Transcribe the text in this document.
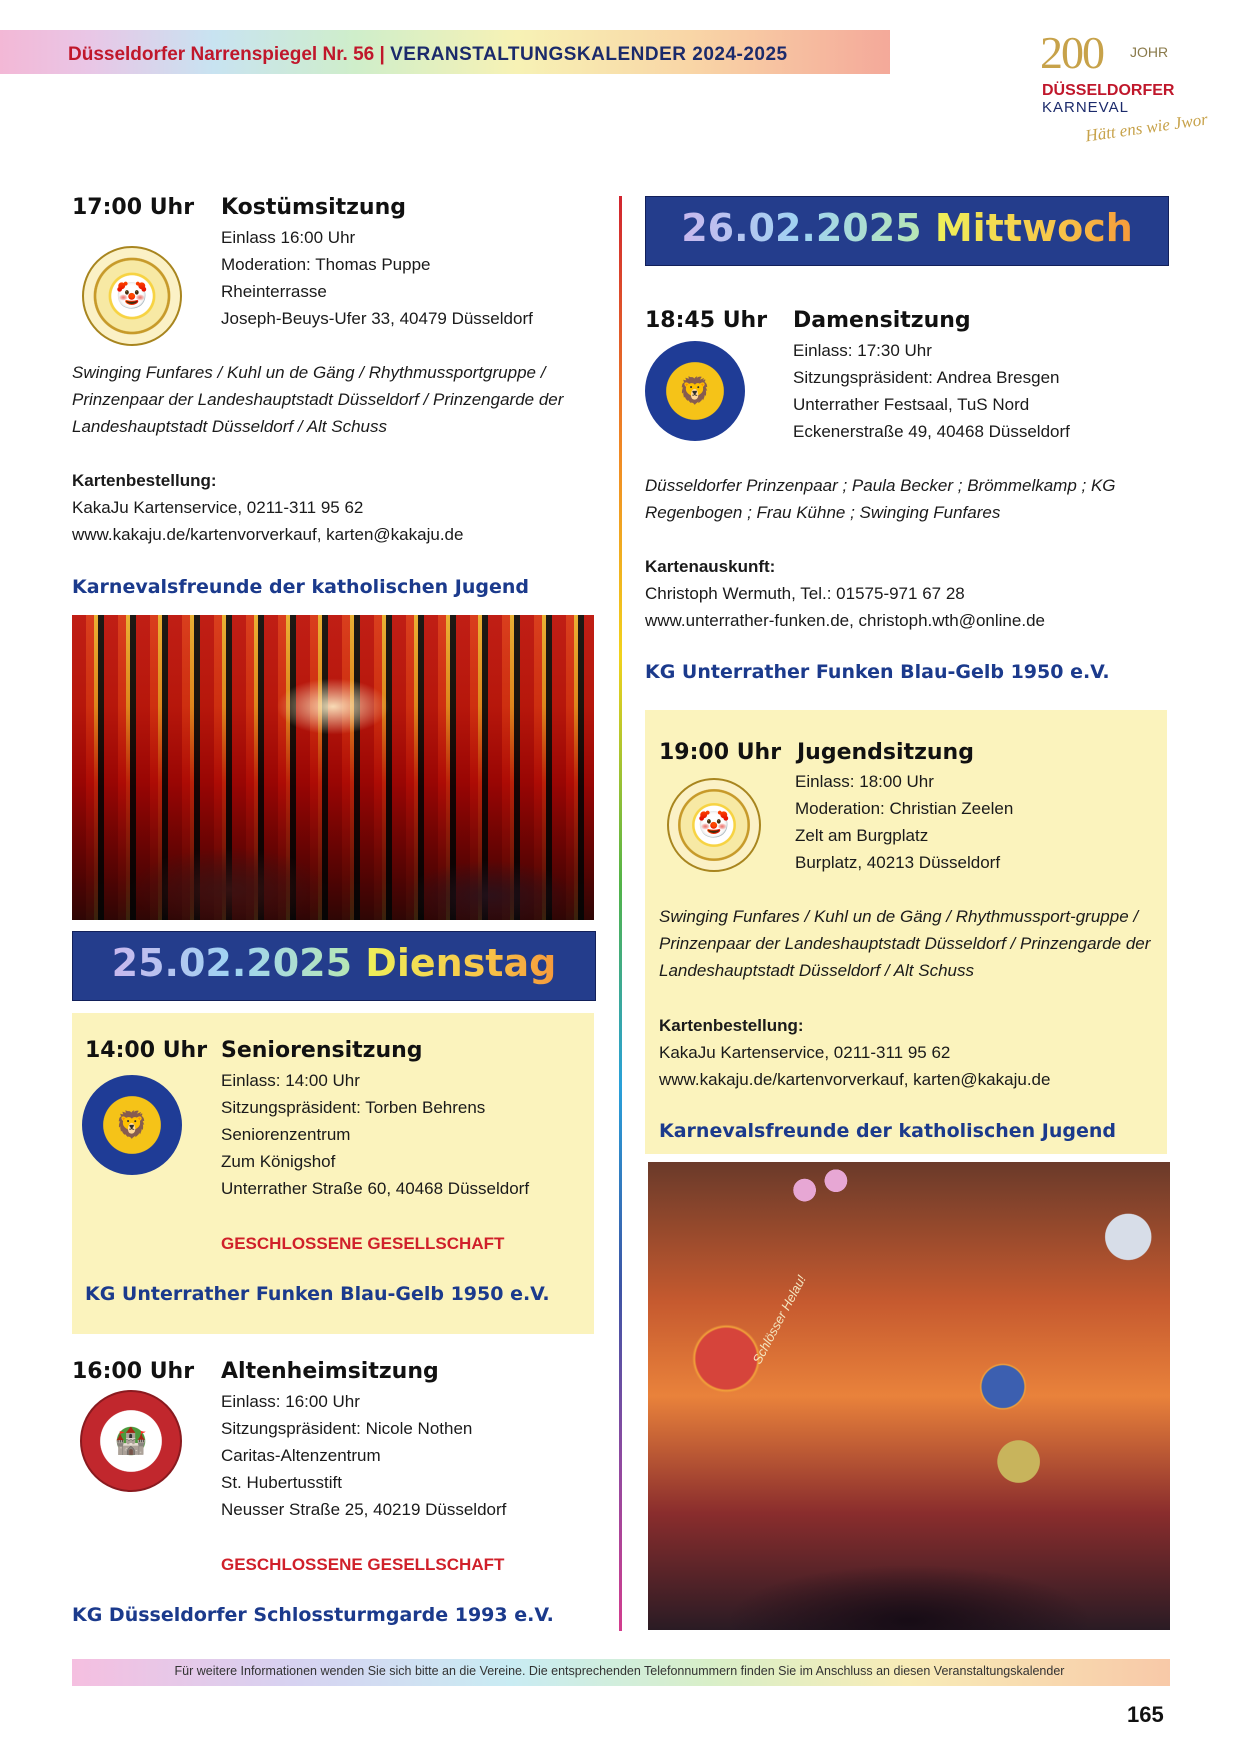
Düsseldorfer Narrenspiegel Nr. 56 | VERANSTALTUNGSKALENDER 2024-2025	200 JOHR
DÜSSELDORFER
KARNEVAL
Hätt ens wie Jwor
17:00 Uhr Kostümsitzung
🤡
Einlass 16:00 Uhr
Moderation: Thomas Puppe
Rheinterrasse
Joseph-Beuys-Ufer 33, 40479 Düsseldorf
Swinging Funfares / Kuhl un de Gäng / Rhythmussportgruppe / Prinzenpaar der Landeshauptstadt Düsseldorf / Prinzengarde der Landeshauptstadt Düsseldorf / Alt Schuss
Kartenbestellung:
KakaJu Kartenservice, 0211-311 95 62
www.kakaju.de/kartenvorverkauf, karten@kakaju.de
Karnevalsfreunde der katholischen Jugend
25.02.2025 Dienstag
14:00 Uhr Seniorensitzung
🦁
Einlass: 14:00 Uhr
Sitzungspräsident: Torben Behrens
Seniorenzentrum
Zum Königshof
Unterrather Straße 60, 40468 Düsseldorf
GESCHLOSSENE GESELLSCHAFT
KG Unterrather Funken Blau-Gelb 1950 e.V.
16:00 Uhr Altenheimsitzung
🏰
Einlass: 16:00 Uhr
Sitzungspräsident: Nicole Nothen
Caritas-Altenzentrum
St. Hubertusstift
Neusser Straße 25, 40219 Düsseldorf
GESCHLOSSENE GESELLSCHAFT
KG Düsseldorfer Schlossturmgarde 1993 e.V.
26.02.2025 Mittwoch
18:45 Uhr Damensitzung
🦁
Einlass: 17:30 Uhr
Sitzungspräsident: Andrea Bresgen
Unterrather Festsaal, TuS Nord
Eckenerstraße 49, 40468 Düsseldorf
Düsseldorfer Prinzenpaar ; Paula Becker ; Brömmelkamp ; KG Regenbogen ; Frau Kühne ; Swinging Funfares
Kartenauskunft:
Christoph Wermuth, Tel.: 01575-971 67 28
www.unterrather-funken.de, christoph.wth@online.de
KG Unterrather Funken Blau-Gelb 1950 e.V.
19:00 Uhr Jugendsitzung
🤡
Einlass: 18:00 Uhr
Moderation: Christian Zeelen
Zelt am Burgplatz
Burplatz, 40213 Düsseldorf
Swinging Funfares / Kuhl un de Gäng / Rhythmussport-gruppe / Prinzenpaar der Landeshauptstadt Düsseldorf / Prinzengarde der Landeshauptstadt Düsseldorf / Alt Schuss
Kartenbestellung:
KakaJu Kartenservice, 0211-311 95 62
www.kakaju.de/kartenvorverkauf, karten@kakaju.de
Karnevalsfreunde der katholischen Jugend
Schlösser Helau!
Für weitere Informationen wenden Sie sich bitte an die Vereine. Die entsprechenden Telefonnummern finden Sie im Anschluss an diesen Veranstaltungskalender
165
